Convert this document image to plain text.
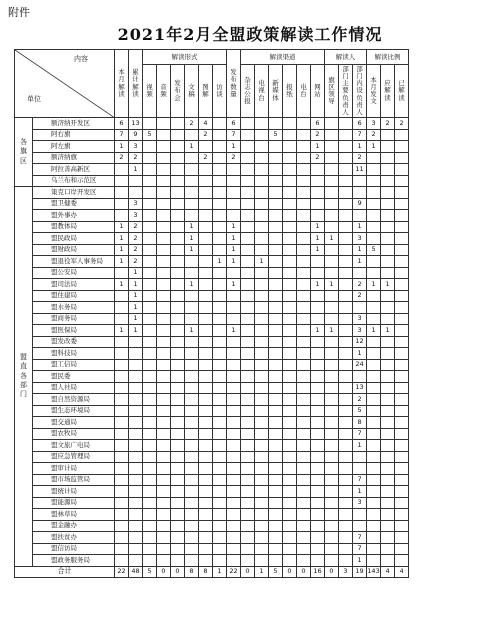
附件
2021年2月全盟政策解读工作情况
内容
单位		本月解读	累计解读	解读形式						发布数量	解读渠道						解读人			解读比例		
				视频	音频	发布会	文稿	图解	访谈		杂志公报	电视台	新媒体	报纸	电台	网站	旗区领导	部门主要负责人	部门内设负责人	本月发文	应解读	已解读
各旗区	额济纳开发区	6	13				2	4		6						6			6	3	2	2
	阿右旗	7	9	5				2		7			5			2			7	2		
	阿左旗	1	3				1			1						1			1	1		
	额济纳旗	2	2					2		2						2			2			
	阿拉善高新区		1																11			
	乌兰布和示范区																					
盟直各部门	策克口岸开发区																					
	盟卫健委		3																9			
	盟外事办		3																			
	盟教体局	1	2				1			1						1			1			
	盟民政局	1	2				1			1						1	1		3			
	盟财政局	1	2				1			1						1			1	5		
	盟退役军人事务局	1	2						1	1		1							1			
	盟公安局		1																			
	盟司法局	1	1				1			1						1	1		2	1	1	
	盟住建局		1																2			
	盟水务局		1																			
	盟商务局		1																3			
	盟医保局	1	1				1			1						1	1		3	1	1	
	盟发改委																		12			
	盟科技局																		1			
	盟工信局																		24			
	盟民委																					
	盟人社局																		13			
	盟自然资源局																		2			
	盟生态环境局																		5			
	盟交通局																		8			
	盟农牧局																		7			
	盟文旅广电局																		1			
	盟应急管理局																					
	盟审计局																					
	盟市场监管局																		7			
	盟统计局																		1			
	盟能源局																		3			
	盟林草局																					
	盟金融办																					
	盟扶贫办																		7			
	盟信访局																		7			
	盟政务服务局																		1			
合计		22	48	5	0	0	8	8	1	22	0	1	5	0	0	16	0	3	19	143	4	4
